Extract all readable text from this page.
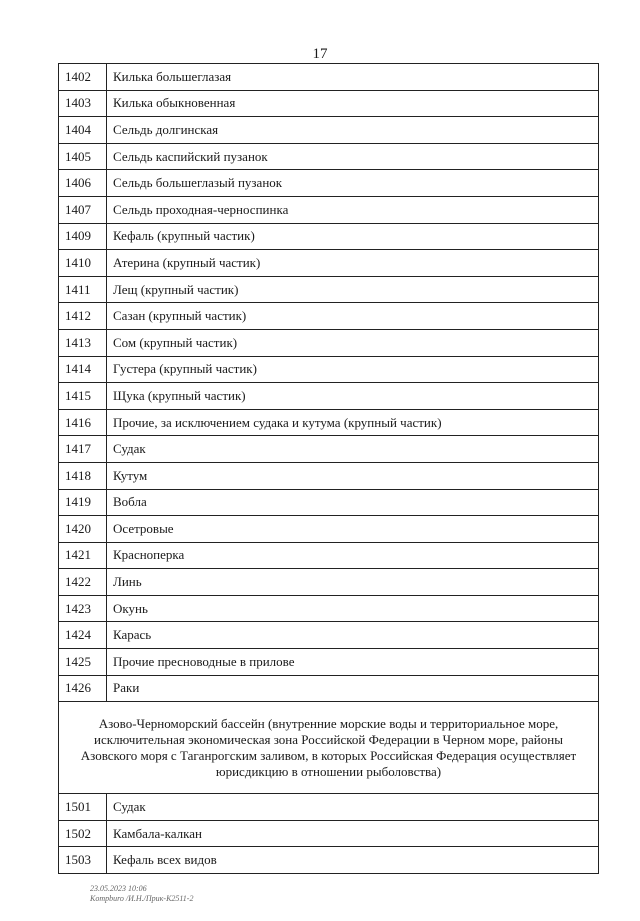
17
1402	Килька большеглазая
1403	Килька обыкновенная
1404	Сельдь долгинская
1405	Сельдь каспийский пузанок
1406	Сельдь большеглазый пузанок
1407	Сельдь проходная-черноспинка
1409	Кефаль (крупный частик)
1410	Атерина (крупный частик)
1411	Лещ (крупный частик)
1412	Сазан (крупный частик)
1413	Сом (крупный частик)
1414	Густера (крупный частик)
1415	Щука (крупный частик)
1416	Прочие, за исключением судака и кутума (крупный частик)
1417	Судак
1418	Кутум
1419	Вобла
1420	Осетровые
1421	Красноперка
1422	Линь
1423	Окунь
1424	Карась
1425	Прочие пресноводные в прилове
1426	Раки
Азово-Черноморский бассейн (внутренние морские воды и территориальное море, исключительная экономическая зона Российской Федерации в Черном море, районы Азовского моря с Таганрогским заливом, в которых Российская Федерация осуществляет юрисдикцию в отношении рыболовства)	
1501	Судак
1502	Камбала-калкан
1503	Кефаль всех видов
23.05.2023 10:06
Кompburo /И.Н./Прик-К2511-2
